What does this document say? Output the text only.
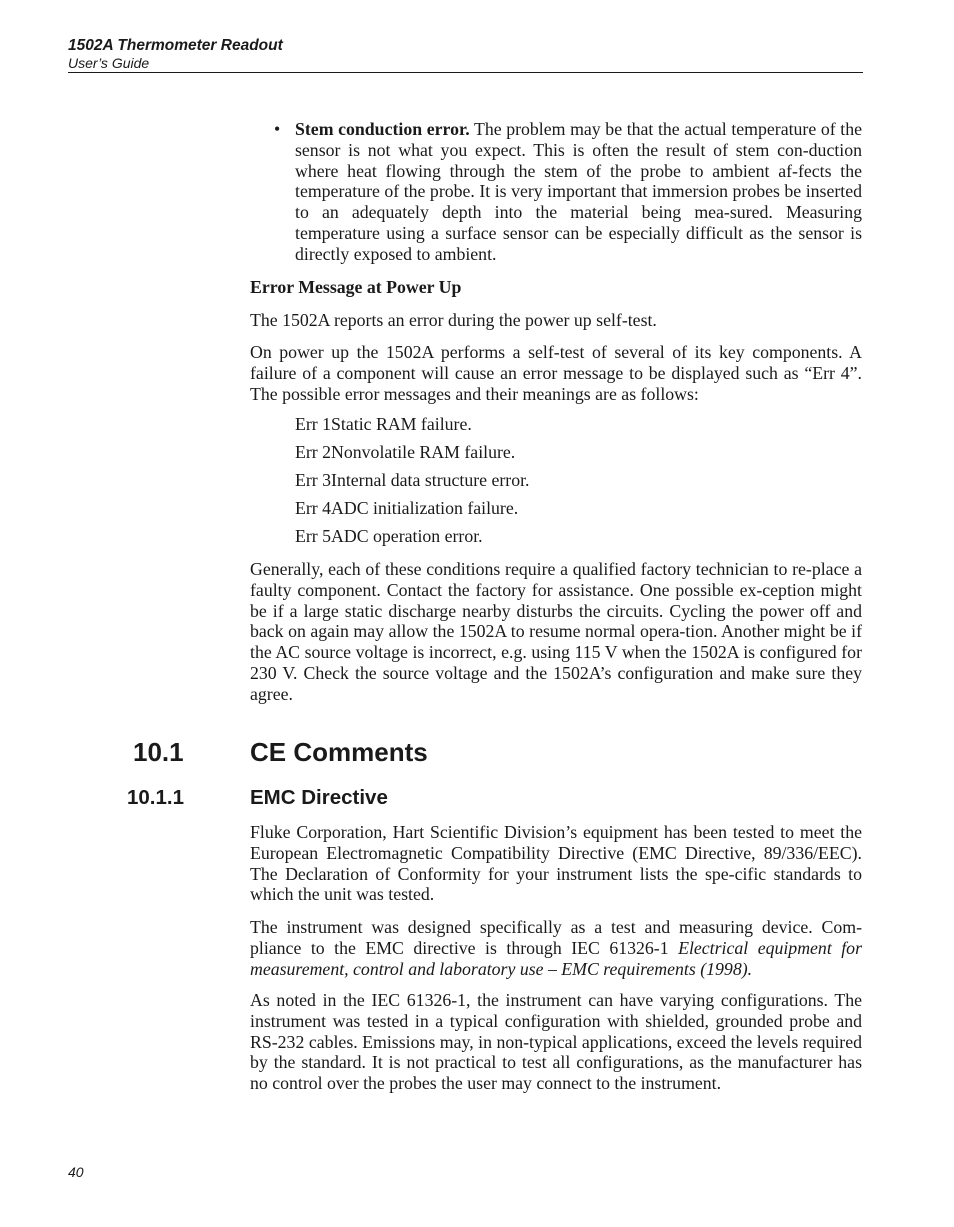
1502A Thermometer Readout
User’s Guide
• Stem conduction error. The problem may be that the actual temperature of the sensor is not what you expect. This is often the result of stem con-duction where heat flowing through the stem of the probe to ambient af-fects the temperature of the probe. It is very important that immersion probes be inserted to an adequately depth into the material being mea-sured. Measuring temperature using a surface sensor can be especially difficult as the sensor is directly exposed to ambient.

Error Message at Power Up

The 1502A reports an error during the power up self-test.

On power up the 1502A performs a self-test of several of its key components. A failure of a component will cause an error message to be displayed such as “Err 4”. The possible error messages and their meanings are as follows:

Err 1Static RAM failure.
Err 2Nonvolatile RAM failure.
Err 3Internal data structure error.
Err 4ADC initialization failure.
Err 5ADC operation error.

Generally, each of these conditions require a qualified factory technician to re-place a faulty component. Contact the factory for assistance. One possible ex-ception might be if a large static discharge nearby disturbs the circuits. Cycling the power off and back on again may allow the 1502A to resume normal opera-tion. Another might be if the AC source voltage is incorrect, e.g. using 115 V when the 1502A is configured for 230 V. Check the source voltage and the 1502A’s configuration and make sure they agree.

10.1	CE Comments
10.1.1	EMC Directive

Fluke Corporation, Hart Scientific Division’s equipment has been tested to meet the European Electromagnetic Compatibility Directive (EMC Directive, 89/336/EEC). The Declaration of Conformity for your instrument lists the spe-cific standards to which the unit was tested.

The instrument was designed specifically as a test and measuring device. Com-pliance to the EMC directive is through IEC 61326-1 Electrical equipment for measurement, control and laboratory use – EMC requirements (1998).

As noted in the IEC 61326-1, the instrument can have varying configurations. The instrument was tested in a typical configuration with shielded, grounded probe and RS-232 cables. Emissions may, in non-typical applications, exceed the levels required by the standard. It is not practical to test all configurations, as the manufacturer has no control over the probes the user may connect to the instrument.

40
